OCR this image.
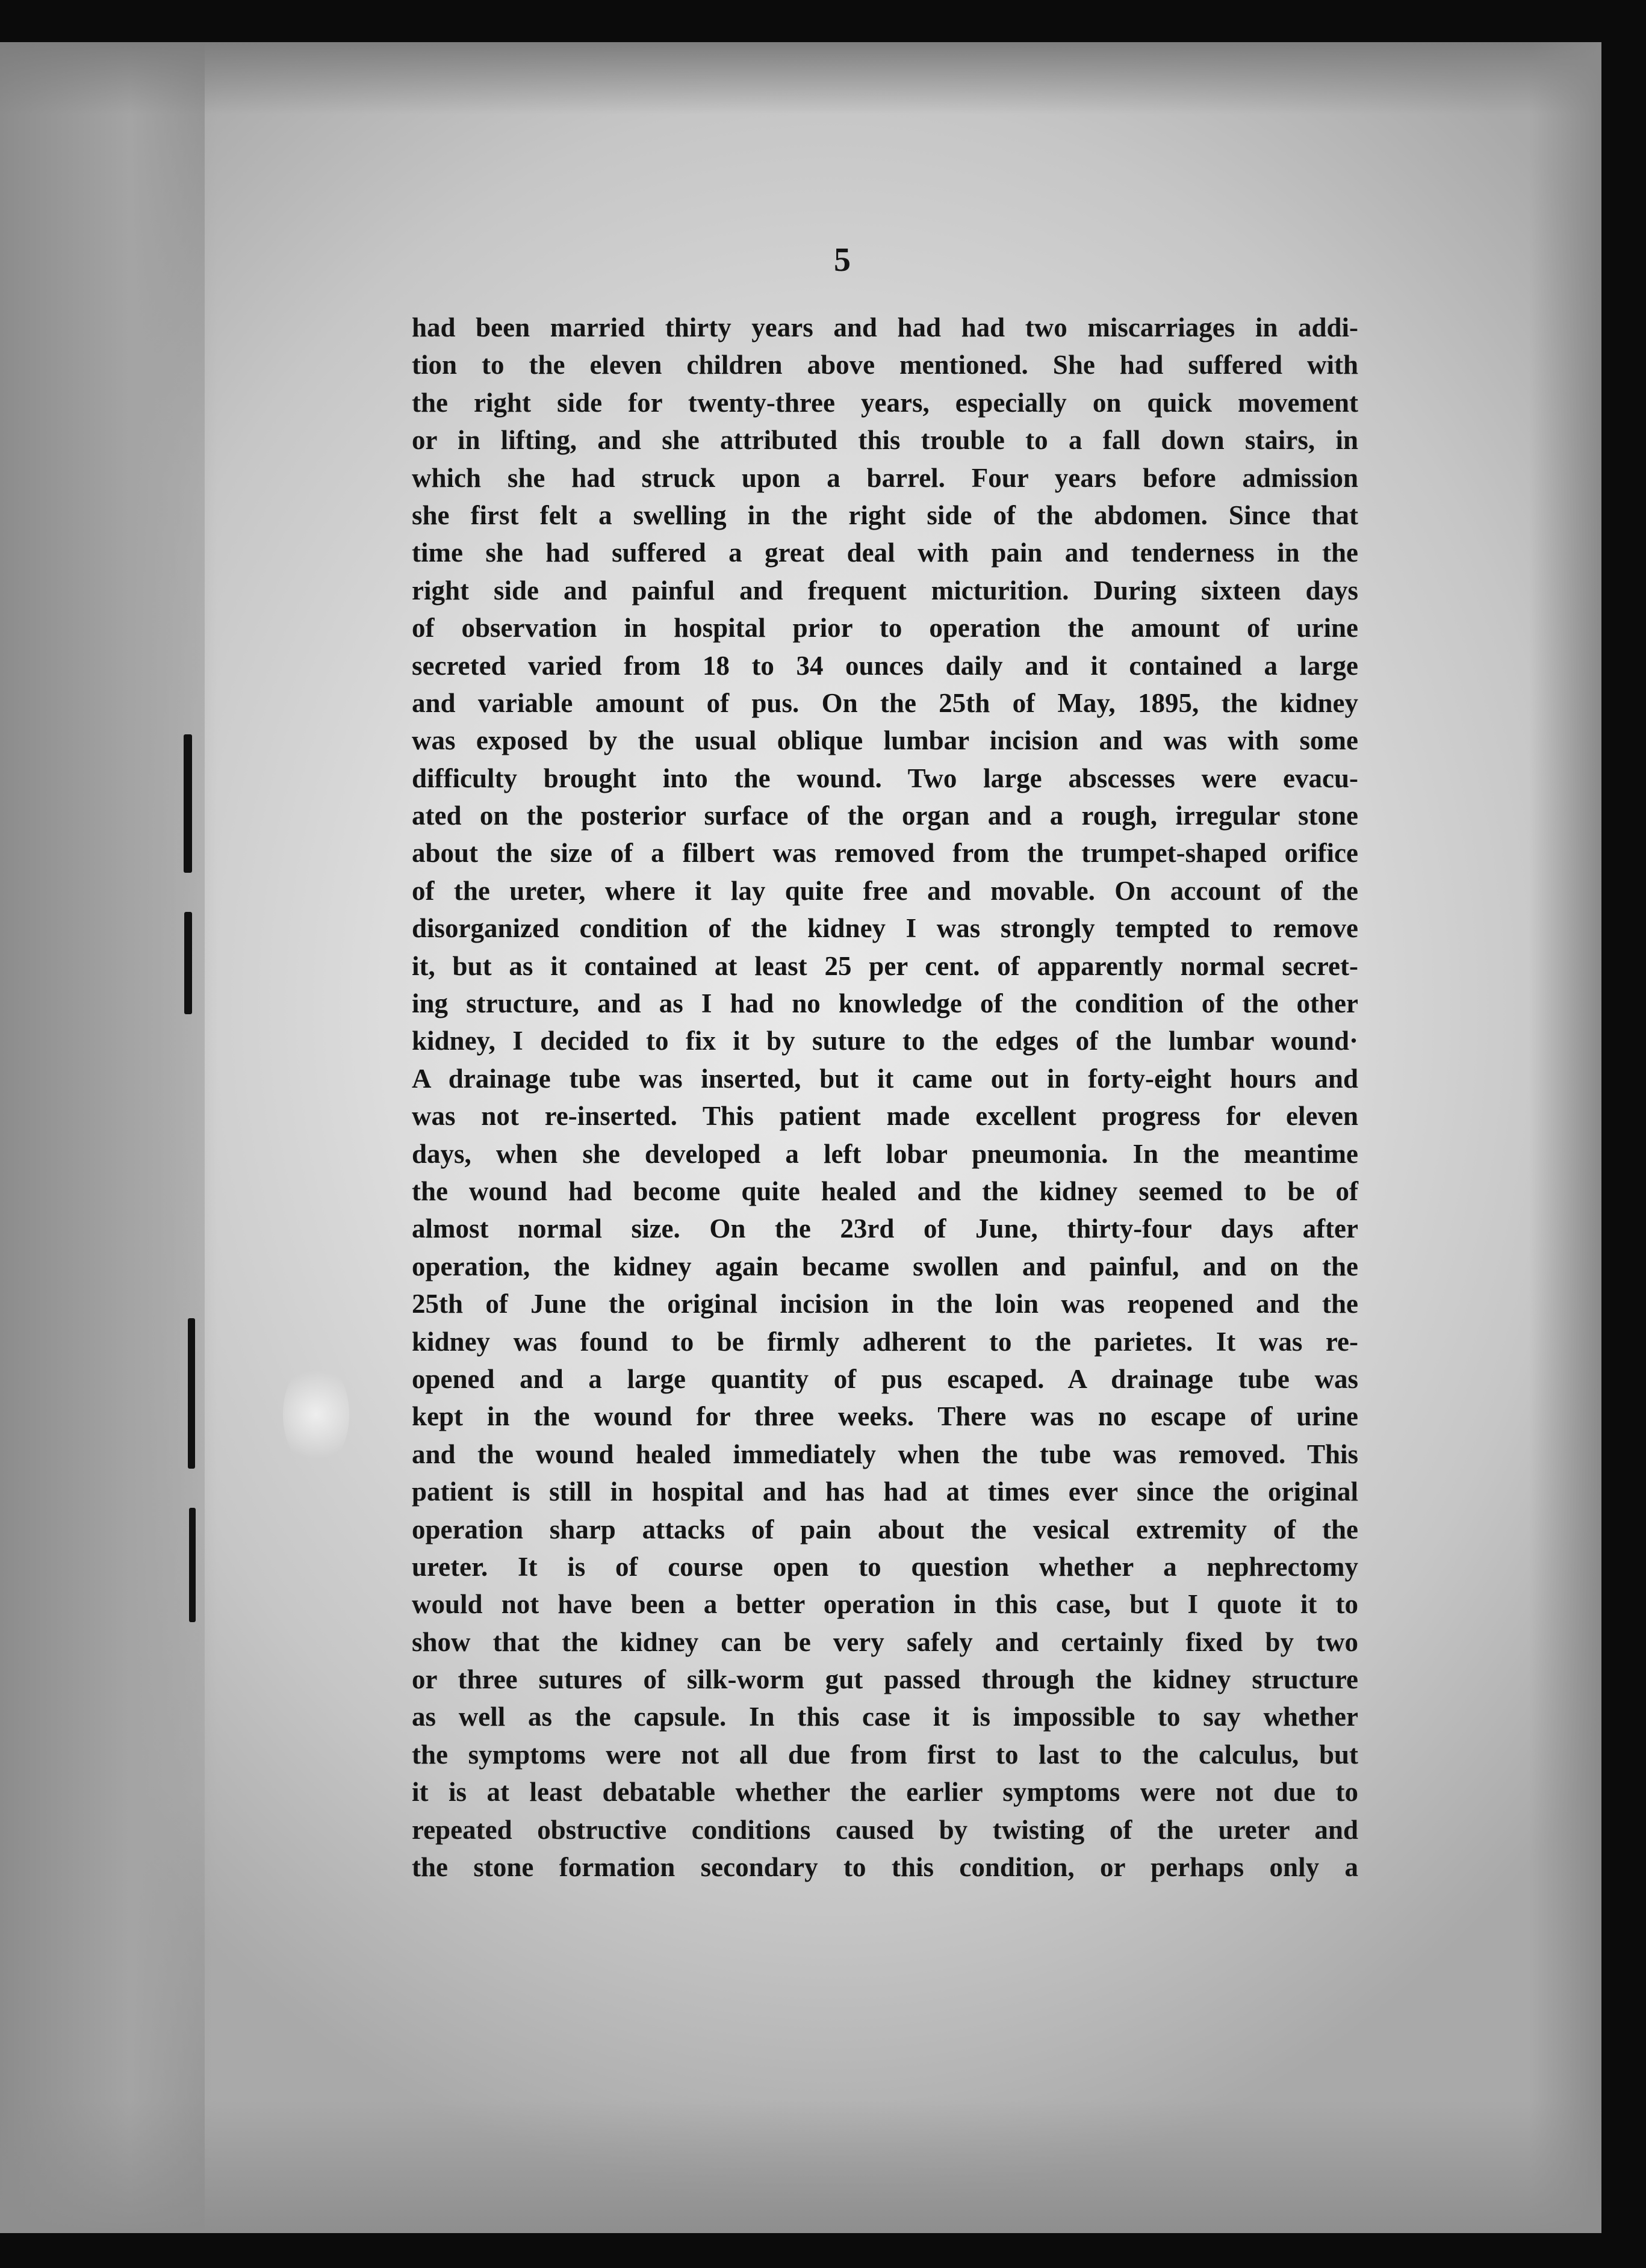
5
had been married thirty years and had had two miscarriages in addi-
tion to the eleven children above mentioned. She had suffered with
the right side for twenty-three years, especially on quick movement
or in lifting, and she attributed this trouble to a fall down stairs, in
which she had struck upon a barrel. Four years before admission
she first felt a swelling in the right side of the abdomen. Since that
time she had suffered a great deal with pain and tenderness in the
right side and painful and frequent micturition. During sixteen days
of observation in hospital prior to operation the amount of urine
secreted varied from 18 to 34 ounces daily and it contained a large
and variable amount of pus. On the 25th of May, 1895, the kidney
was exposed by the usual oblique lumbar incision and was with some
difficulty brought into the wound. Two large abscesses were evacu-
ated on the posterior surface of the organ and a rough, irregular stone
about the size of a filbert was removed from the trumpet-shaped orifice
of the ureter, where it lay quite free and movable. On account of the
disorganized condition of the kidney I was strongly tempted to remove
it, but as it contained at least 25 per cent. of apparently normal secret-
ing structure, and as I had no knowledge of the condition of the other
kidney, I decided to fix it by suture to the edges of the lumbar wound·
A drainage tube was inserted, but it came out in forty-eight hours and
was not re-inserted. This patient made excellent progress for eleven
days, when she developed a left lobar pneumonia. In the meantime
the wound had become quite healed and the kidney seemed to be of
almost normal size. On the 23rd of June, thirty-four days after
operation, the kidney again became swollen and painful, and on the
25th of June the original incision in the loin was reopened and the
kidney was found to be firmly adherent to the parietes. It was re-
opened and a large quantity of pus escaped. A drainage tube was
kept in the wound for three weeks. There was no escape of urine
and the wound healed immediately when the tube was removed. This
patient is still in hospital and has had at times ever since the original
operation sharp attacks of pain about the vesical extremity of the
ureter. It is of course open to question whether a nephrectomy
would not have been a better operation in this case, but I quote it to
show that the kidney can be very safely and certainly fixed by two
or three sutures of silk-worm gut passed through the kidney structure
as well as the capsule. In this case it is impossible to say whether
the symptoms were not all due from first to last to the calculus, but
it is at least debatable whether the earlier symptoms were not due to
repeated obstructive conditions caused by twisting of the ureter and
the stone formation secondary to this condition, or perhaps only a
